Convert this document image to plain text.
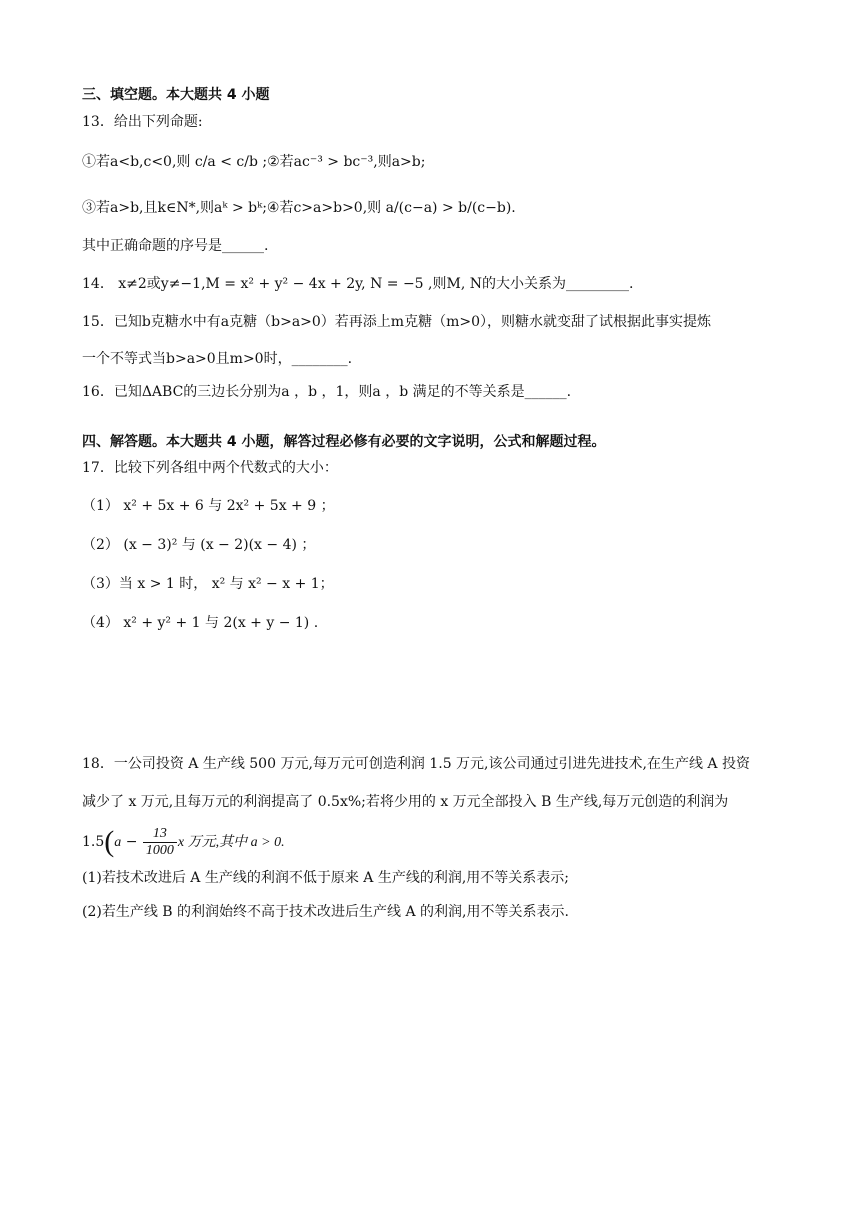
三、填空题。本大题共 4 小题
13．给出下列命题:
①若a<b,c<0,则 c/a < c/b ;②若ac⁻³ > bc⁻³,则a>b;
③若a>b,且k∈N*,则aᵏ > bᵏ;④若c>a>b>0,则 a/(c−a) > b/(c−b).
其中正确命题的序号是______.
14． x≠2或y≠−1,M = x² + y² − 4x + 2y, N = −5 ,则M, N的大小关系为_________.
15．已知b克糖水中有a克糖（b>a>0）若再添上m克糖（m>0），则糖水就变甜了试根据此事实提炼
一个不等式当b>a>0且m>0时，________.
16．已知ΔABC的三边长分别为a ，b ，1，则a ，b 满足的不等关系是______.
四、解答题。本大题共 4 小题，解答过程必修有必要的文字说明，公式和解题过程。
17．比较下列各组中两个代数式的大小：
（1） x² + 5x + 6 与 2x² + 5x + 9 ；
（2） (x − 3)² 与 (x − 2)(x − 4) ；
（3）当 x > 1 时， x² 与 x² − x + 1；
（4） x² + y² + 1 与 2(x + y − 1) .
18．一公司投资 A 生产线 500 万元,每万元可创造利润 1.5 万元,该公司通过引进先进技术,在生产线 A 投资
减少了 x 万元,且每万元的利润提高了 0.5x%;若将少用的 x 万元全部投入 B 生产线,每万元创造的利润为
$1.5(a - \frac{13}{1000}$ x 万元,其中 a > 0.
(1)若技术改进后 A 生产线的利润不低于原来 A 生产线的利润,用不等关系表示;
(2)若生产线 B 的利润始终不高于技术改进后生产线 A 的利润,用不等关系表示.
